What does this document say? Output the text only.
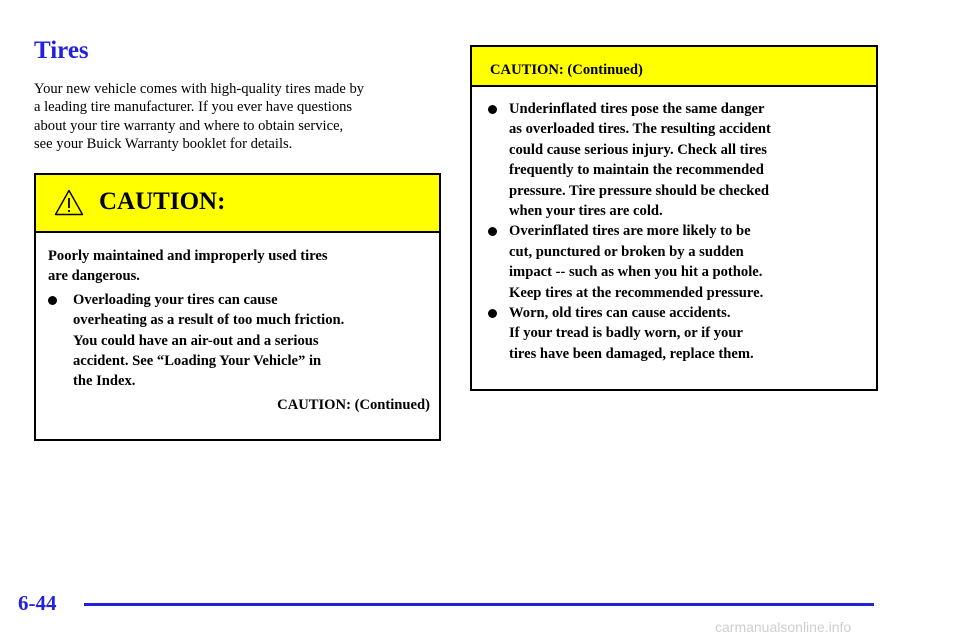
Tires
Your new vehicle comes with high-quality tires made by
a leading tire manufacturer. If you ever have questions
about your tire warranty and where to obtain service,
see your Buick Warranty booklet for details.
CAUTION:
Poorly maintained and improperly used tires
are dangerous.
Overloading your tires can cause
overheating as a result of too much friction.
You could have an air-out and a serious
accident. See “Loading Your Vehicle” in
the Index.
CAUTION: (Continued)
CAUTION: (Continued)
Underinflated tires pose the same danger
as overloaded tires. The resulting accident
could cause serious injury. Check all tires
frequently to maintain the recommended
pressure. Tire pressure should be checked
when your tires are cold.
Overinflated tires are more likely to be
cut, punctured or broken by a sudden
impact -- such as when you hit a pothole.
Keep tires at the recommended pressure.
Worn, old tires can cause accidents.
If your tread is badly worn, or if your
tires have been damaged, replace them.
6-44
carmanualsonline.info
